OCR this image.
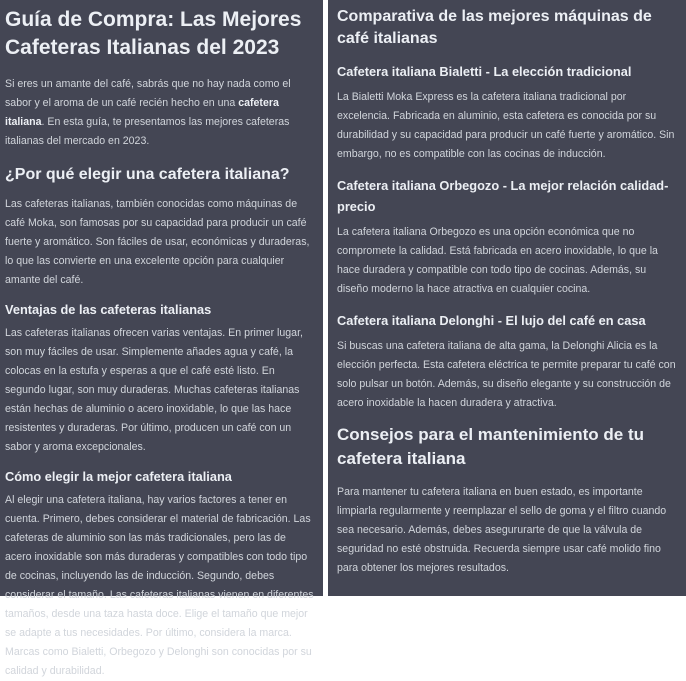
Guía de Compra: Las Mejores Cafeteras Italianas del 2023

Si eres un amante del café, sabrás que no hay nada como el sabor y el aroma de un café recién hecho en una cafetera italiana. En esta guía, te presentamos las mejores cafeteras italianas del mercado en 2023.

¿Por qué elegir una cafetera italiana?

Las cafeteras italianas, también conocidas como máquinas de café Moka, son famosas por su capacidad para producir un café fuerte y aromático. Son fáciles de usar, económicas y duraderas, lo que las convierte en una excelente opción para cualquier amante del café.

Ventajas de las cafeteras italianas

Las cafeteras italianas ofrecen varias ventajas. En primer lugar, son muy fáciles de usar. Simplemente añades agua y café, la colocas en la estufa y esperas a que el café esté listo. En segundo lugar, son muy duraderas. Muchas cafeteras italianas están hechas de aluminio o acero inoxidable, lo que las hace resistentes y duraderas. Por último, producen un café con un sabor y aroma excepcionales.

Cómo elegir la mejor cafetera italiana

Al elegir una cafetera italiana, hay varios factores a tener en cuenta. Primero, debes considerar el material de fabricación. Las cafeteras de aluminio son las más tradicionales, pero las de acero inoxidable son más duraderas y compatibles con todo tipo de cocinas, incluyendo las de inducción. Segundo, debes considerar el tamaño. Las cafeteras italianas vienen en diferentes tamaños, desde una taza hasta doce. Elige el tamaño que mejor se adapte a tus necesidades. Por último, considera la marca. Marcas como Bialetti, Orbegozo y Delonghi son conocidas por su calidad y durabilidad.

Comparativa de las mejores máquinas de café italianas
Cafetera italiana Bialetti - La elección tradicional

La Bialetti Moka Express es la cafetera italiana tradicional por excelencia. Fabricada en aluminio, esta cafetera es conocida por su durabilidad y su capacidad para producir un café fuerte y aromático. Sin embargo, no es compatible con las cocinas de inducción.

Cafetera italiana Orbegozo - La mejor relación calidad-precio

La cafetera italiana Orbegozo es una opción económica que no compromete la calidad. Está fabricada en acero inoxidable, lo que la hace duradera y compatible con todo tipo de cocinas. Además, su diseño moderno la hace atractiva en cualquier cocina.

Cafetera italiana Delonghi - El lujo del café en casa

Si buscas una cafetera italiana de alta gama, la Delonghi Alicia es la elección perfecta. Esta cafetera eléctrica te permite preparar tu café con solo pulsar un botón. Además, su diseño elegante y su construcción de acero inoxidable la hacen duradera y atractiva.

Consejos para el mantenimiento de tu cafetera italiana

Para mantener tu cafetera italiana en buen estado, es importante limpiarla regularmente y reemplazar el sello de goma y el filtro cuando sea necesario. Además, debes asegururarte de que la válvula de seguridad no esté obstruida. Recuerda siempre usar café molido fino para obtener los mejores resultados.
